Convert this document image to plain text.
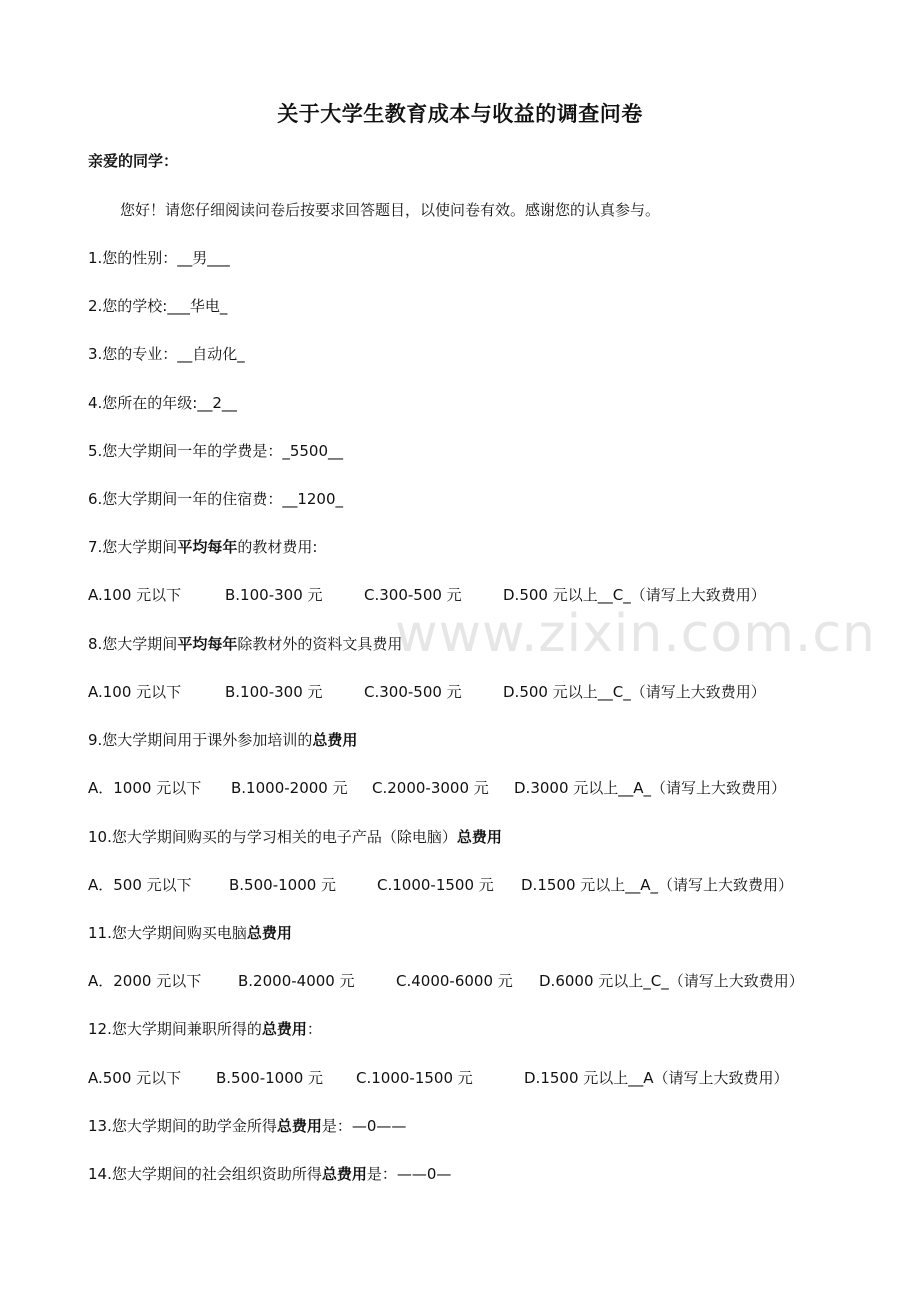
www.zixin.com.cn
关于大学生教育成本与收益的调查问卷
亲爱的同学：
您好！请您仔细阅读问卷后按要求回答题目，以使问卷有效。感谢您的认真参与。
1.您的性别：__男___
2.您的学校:___华电_
3.您的专业：__自动化_
4.您所在的年级:__2__
5.您大学期间一年的学费是：_5500__
6.您大学期间一年的住宿费：__1200_
7.您大学期间平均每年的教材费用:
A.100 元以下	B.100-300 元	C.300-500 元	D.500 元以上__C_（请写上大致费用）
8.您大学期间平均每年除教材外的资料文具费用
A.100 元以下	B.100-300 元	C.300-500 元	D.500 元以上__C_（请写上大致费用）
9.您大学期间用于课外参加培训的总费用
A．1000 元以下 B.1000-2000 元 C.2000-3000 元 D.3000 元以上__A_（请写上大致费用）
10.您大学期间购买的与学习相关的电子产品（除电脑）总费用
A．500 元以下 B.500-1000 元	C.1000-1500 元 D.1500 元以上__A_（请写上大致费用）
11.您大学期间购买电脑总费用
A．2000 元以下 B.2000-4000 元	C.4000-6000 元 D.6000 元以上_C_（请写上大致费用）
12.您大学期间兼职所得的总费用：
A.500 元以下 B.500-1000 元 C.1000-1500 元	D.1500 元以上__A（请写上大致费用）
13.您大学期间的助学金所得总费用是：—0——
14.您大学期间的社会组织资助所得总费用是：——0—
